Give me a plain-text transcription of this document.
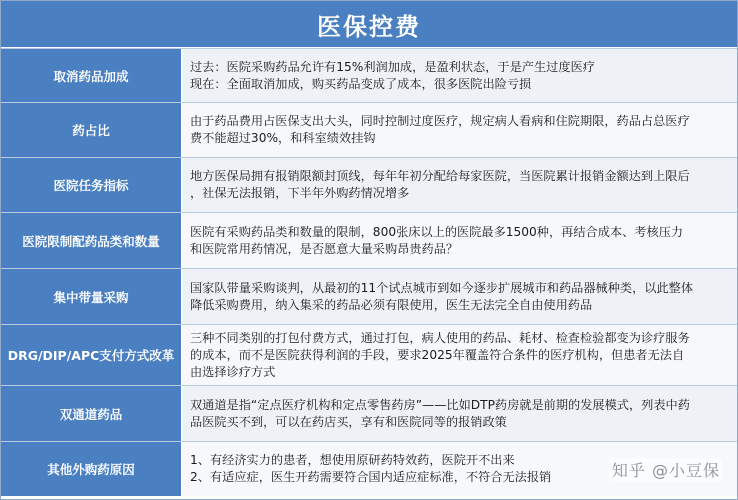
医保控费
取消药品加成
过去：医院采购药品允许有15%利润加成，是盈利状态，于是产生过度医疗
现在：全面取消加成，购买药品变成了成本，很多医院出险亏损
药占比
由于药品费用占医保支出大头，同时控制过度医疗，规定病人看病和住院期限，药品占总医疗
费不能超过30%，和科室绩效挂钩
医院任务指标
地方医保局拥有报销限额封顶线，每年年初分配给每家医院，当医院累计报销金额达到上限后
，社保无法报销，下半年外购药情况增多
医院限制配药品类和数量
医院有采购药品类和数量的限制，800张床以上的医院最多1500种，再结合成本、考核压力
和医院常用药情况，是否愿意大量采购昂贵药品？
集中带量采购
国家队带量采购谈判，从最初的11个试点城市到如今逐步扩展城市和药品器械种类，以此整体
降低采购费用，纳入集采的药品必须有限使用，医生无法完全自由使用药品
DRG/DIP/APC支付方式改革
三种不同类别的打包付费方式，通过打包，病人使用的药品、耗材、检查检验都变为诊疗服务
的成本，而不是医院获得利润的手段，要求2025年覆盖符合条件的医疗机构，但患者无法自
由选择诊疗方式
双通道药品
双通道是指“定点医疗机构和定点零售药房”——比如DTP药房就是前期的发展模式，列表中药
品医院买不到，可以在药店买，享有和医院同等的报销政策
其他外购药原因
1、有经济实力的患者，想使用原研药特效药，医院开不出来
2、有适应症，医生开药需要符合国内适应症标准，不符合无法报销	知乎 @小豆保
